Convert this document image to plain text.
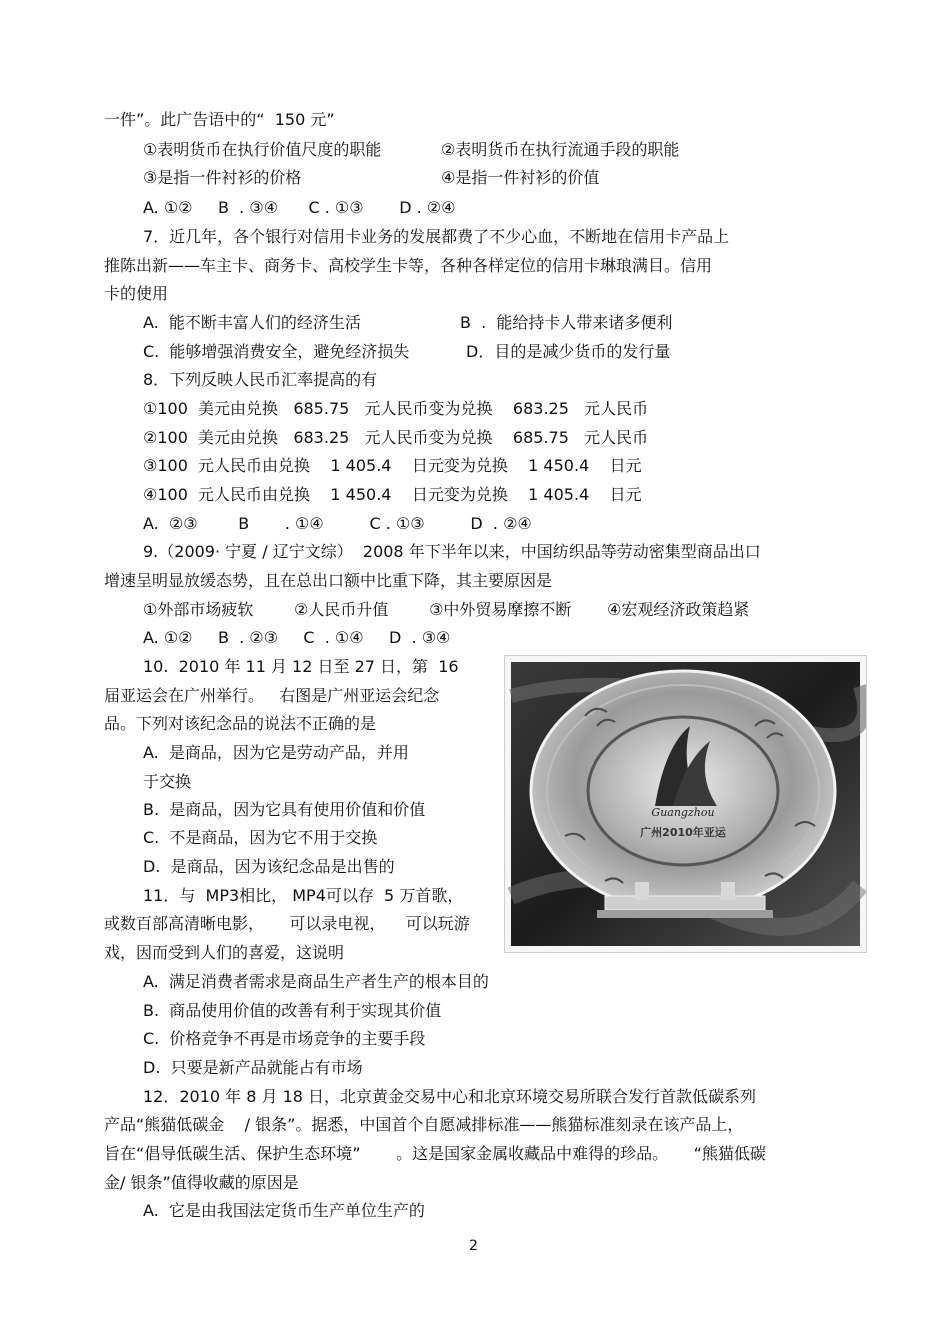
一件”。此广告语中的“  150 元”
①表明货币在执行价值尺度的职能	②表明货币在执行流通手段的职能
③是指一件衬衫的价格	④是指一件衬衫的价值
A. ①②     B  . ③④      C . ①③       D . ②④
7．近几年，各个银行对信用卡业务的发展都费了不少心血，不断地在信用卡产品上
推陈出新——车主卡、商务卡、高校学生卡等，各种各样定位的信用卡琳琅满目。信用
卡的使用
A.  能不断丰富人们的经济生活	B  .  能给持卡人带来诸多便利
C.  能够增强消费安全，避免经济损失	D．目的是减少货币的发行量
8．下列反映人民币汇率提高的有
①100  美元由兑换   685.75   元人民币变为兑换    683.25   元人民币
②100  美元由兑换   683.25   元人民币变为兑换    685.75   元人民币
③100  元人民币由兑换    1 405.4    日元变为兑换    1 450.4    日元
④100  元人民币由兑换    1 450.4    日元变为兑换    1 405.4    日元
A.  ②③        B       . ①④         C . ①③         D  . ②④
9.（2009· 宁夏 / 辽宁文综）  2008 年下半年以来，中国纺织品等劳动密集型商品出口
增速呈明显放缓态势，且在总出口额中比重下降，其主要原因是
①外部市场疲软        ②人民币升值        ③中外贸易摩擦不断       ④宏观经济政策趋紧
A. ①②     B  . ②③     C  . ①④     D  . ③④
10.  2010 年 11 月 12 日至 27 日，第  16
届亚运会在广州举行。   右图是广州亚运会纪念
品。下列对该纪念品的说法不正确的是
A.  是商品，因为它是劳动产品，并用
于交换
B.  是商品，因为它具有使用价值和价值
C.  不是商品，因为它不用于交换
D.  是商品，因为该纪念品是出售的
11．与  MP3相比， MP4可以存  5 万首歌，
或数百部高清晰电影，     可以录电视，    可以玩游
戏，因而受到人们的喜爱，这说明
A.  满足消费者需求是商品生产者生产的根本目的
B.  商品使用价值的改善有利于实现其价值
C.  价格竞争不再是市场竞争的主要手段
D.  只要是新产品就能占有市场
12．2010 年 8 月 18 日，北京黄金交易中心和北京环境交易所联合发行首款低碳系列
产品“熊猫低碳金    / 银条”。据悉，中国首个自愿减排标准——熊猫标准刻录在该产品上，
旨在“倡导低碳生活、保护生态环境”       。这是国家金属收藏品中难得的珍品。     “熊猫低碳
金/ 银条”值得收藏的原因是
A.  它是由我国法定货币生产单位生产的
Guangzhou
广州2010年亚运
2
